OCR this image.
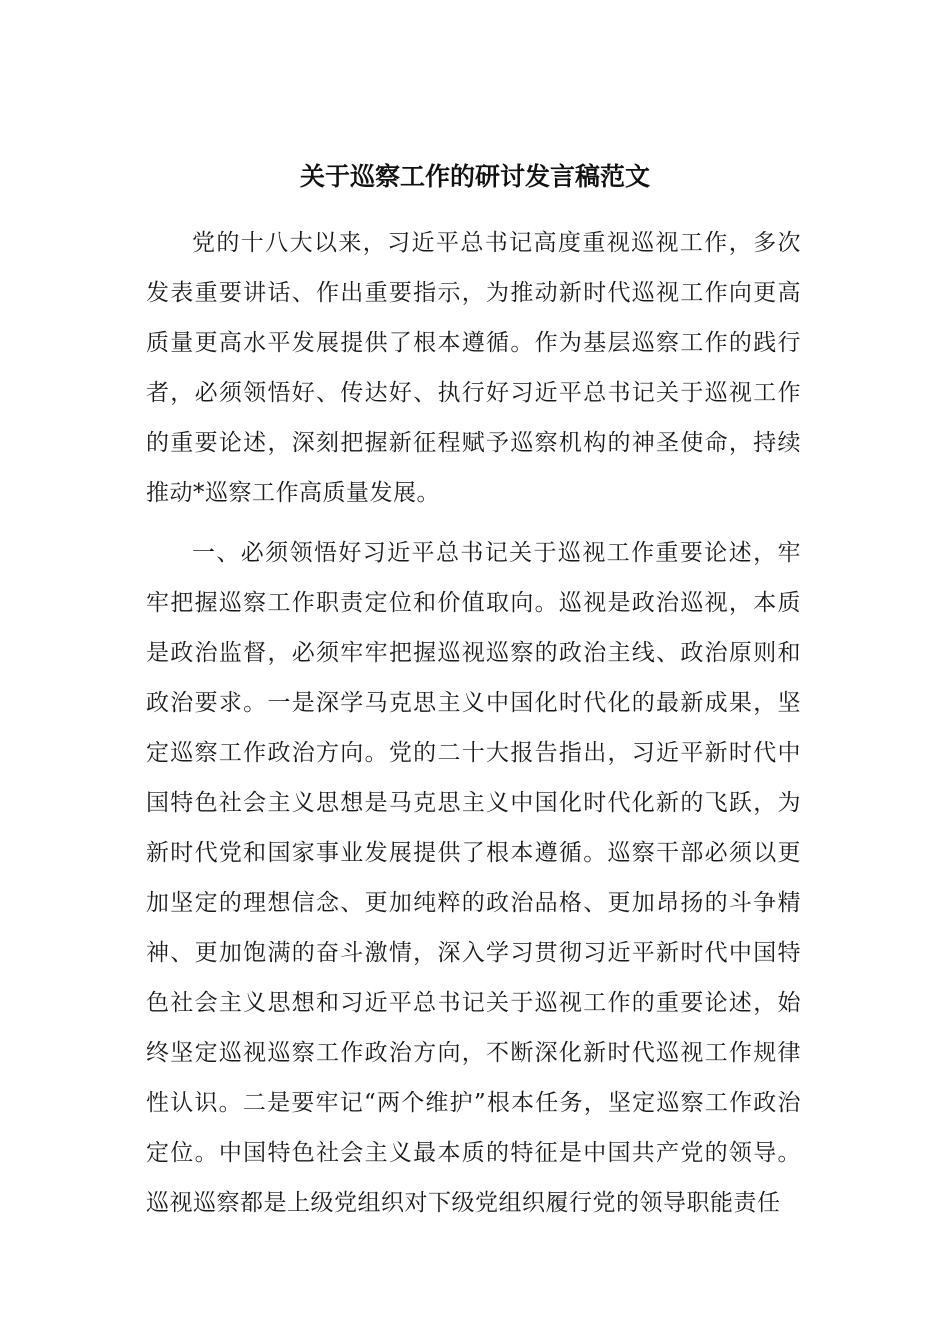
关于巡察工作的研讨发言稿范文

党的十八大以来，习近平总书记高度重视巡视工作，多次发表重要讲话、作出重要指示，为推动新时代巡视工作向更高质量更高水平发展提供了根本遵循。作为基层巡察工作的践行者，必须领悟好、传达好、执行好习近平总书记关于巡视工作的重要论述，深刻把握新征程赋予巡察机构的神圣使命，持续推动*巡察工作高质量发展。

一、必须领悟好习近平总书记关于巡视工作重要论述，牢牢把握巡察工作职责定位和价值取向。巡视是政治巡视，本质是政治监督，必须牢牢把握巡视巡察的政治主线、政治原则和政治要求。一是深学马克思主义中国化时代化的最新成果，坚定巡察工作政治方向。党的二十大报告指出，习近平新时代中国特色社会主义思想是马克思主义中国化时代化新的飞跃，为新时代党和国家事业发展提供了根本遵循。巡察干部必须以更加坚定的理想信念、更加纯粹的政治品格、更加昂扬的斗争精神、更加饱满的奋斗激情，深入学习贯彻习近平新时代中国特色社会主义思想和习近平总书记关于巡视工作的重要论述，始终坚定巡视巡察工作政治方向，不断深化新时代巡视工作规律性认识。二是要牢记“两个维护”根本任务，坚定巡察工作政治定位。中国特色社会主义最本质的特征是中国共产党的领导。巡视巡察都是上级党组织对下级党组织履行党的领导职能责任
